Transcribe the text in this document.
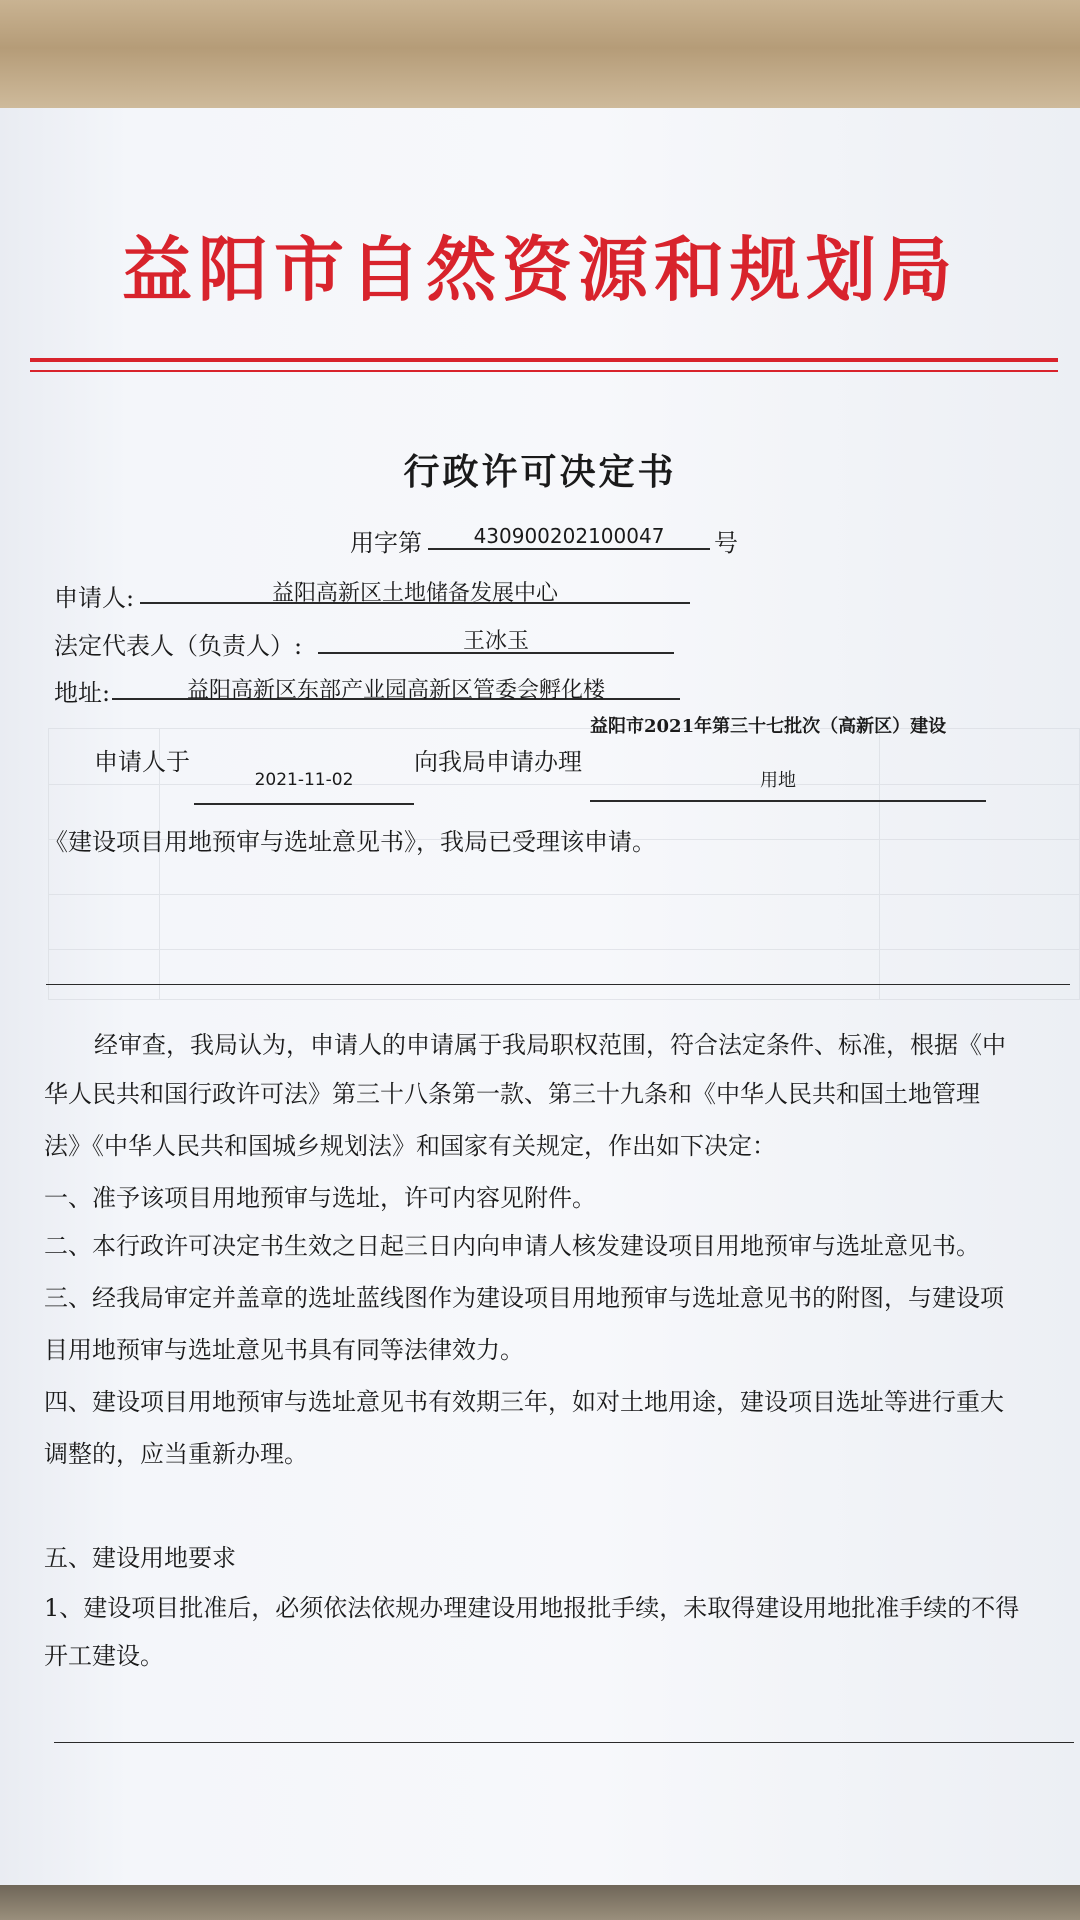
益阳市自然资源和规划局
行政许可决定书
用字第	430900202100047	号
申请人:	益阳高新区土地储备发展中心
法定代表人（负责人）:	王冰玉
地址:	益阳高新区东部产业园高新区管委会孵化楼
益阳市2021年第三十七批次（高新区）建设
申请人于	向我局申请办理
2021-11-02	用地
《建设项目用地预审与选址意见书》，我局已受理该申请。
经审查，我局认为，申请人的申请属于我局职权范围，符合法定条件、标准，根据《中
华人民共和国行政许可法》第三十八条第一款、第三十九条和《中华人民共和国土地管理
法》《中华人民共和国城乡规划法》和国家有关规定，作出如下决定：
一、准予该项目用地预审与选址，许可内容见附件。
二、本行政许可决定书生效之日起三日内向申请人核发建设项目用地预审与选址意见书。
三、经我局审定并盖章的选址蓝线图作为建设项目用地预审与选址意见书的附图，与建设项
目用地预审与选址意见书具有同等法律效力。
四、建设项目用地预审与选址意见书有效期三年，如对土地用途，建设项目选址等进行重大
调整的，应当重新办理。
五、建设用地要求
1、建设项目批准后，必须依法依规办理建设用地报批手续，未取得建设用地批准手续的不得
开工建设。
